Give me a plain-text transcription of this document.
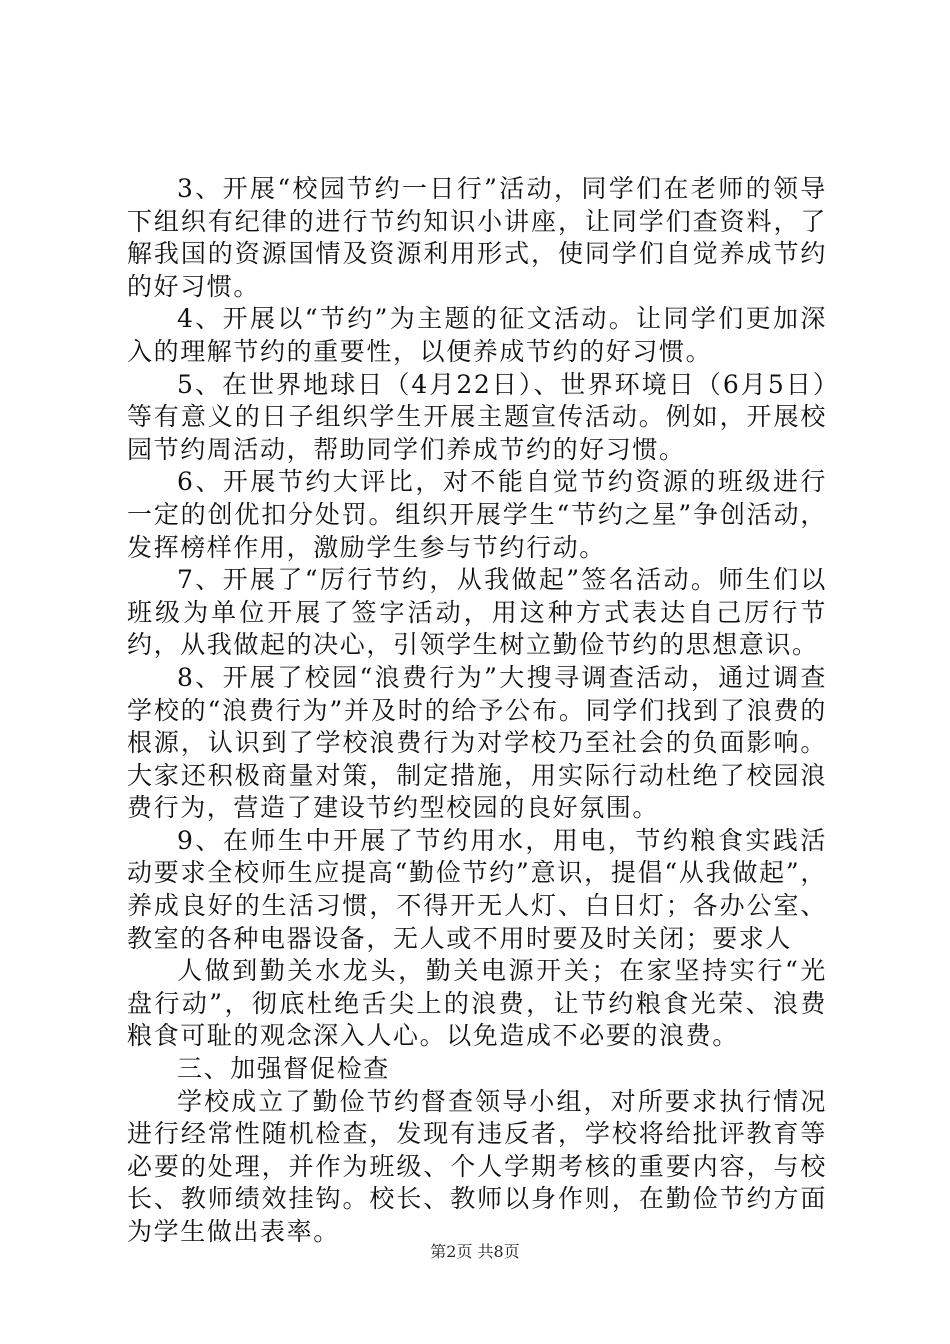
3、开展“校园节约一日行”活动，同学们在老师的领导下组织有纪律的进行节约知识小讲座，让同学们查资料，了解我国的资源国情及资源利用形式，使同学们自觉养成节约的好习惯。

4、开展以“节约”为主题的征文活动。让同学们更加深入的理解节约的重要性，以便养成节约的好习惯。

5、在世界地球日（4月22日）、世界环境日（6月5日）等有意义的日子组织学生开展主题宣传活动。例如，开展校园节约周活动，帮助同学们养成节约的好习惯。

6、开展节约大评比，对不能自觉节约资源的班级进行一定的创优扣分处罚。组织开展学生“节约之星”争创活动，发挥榜样作用，激励学生参与节约行动。

7、开展了“厉行节约，从我做起”签名活动。师生们以班级为单位开展了签字活动，用这种方式表达自己厉行节约，从我做起的决心，引领学生树立勤俭节约的思想意识。

8、开展了校园“浪费行为”大搜寻调查活动，通过调查学校的“浪费行为”并及时的给予公布。同学们找到了浪费的根源，认识到了学校浪费行为对学校乃至社会的负面影响。大家还积极商量对策，制定措施，用实际行动杜绝了校园浪费行为，营造了建设节约型校园的良好氛围。

9、在师生中开展了节约用水，用电，节约粮食实践活动要求全校师生应提高“勤俭节约”意识，提倡“从我做起”，养成良好的生活习惯，不得开无人灯、白日灯；各办公室、教室的各种电器设备，无人或不用时要及时关闭；要求人

人做到勤关水龙头，勤关电源开关；在家坚持实行“光盘行动”，彻底杜绝舌尖上的浪费，让节约粮食光荣、浪费粮食可耻的观念深入人心。以免造成不必要的浪费。

三、加强督促检查

学校成立了勤俭节约督查领导小组，对所要求执行情况进行经常性随机检查，发现有违反者，学校将给批评教育等必要的处理，并作为班级、个人学期考核的重要内容，与校长、教师绩效挂钩。校长、教师以身作则，在勤俭节约方面为学生做出表率。

第2页 共8页
